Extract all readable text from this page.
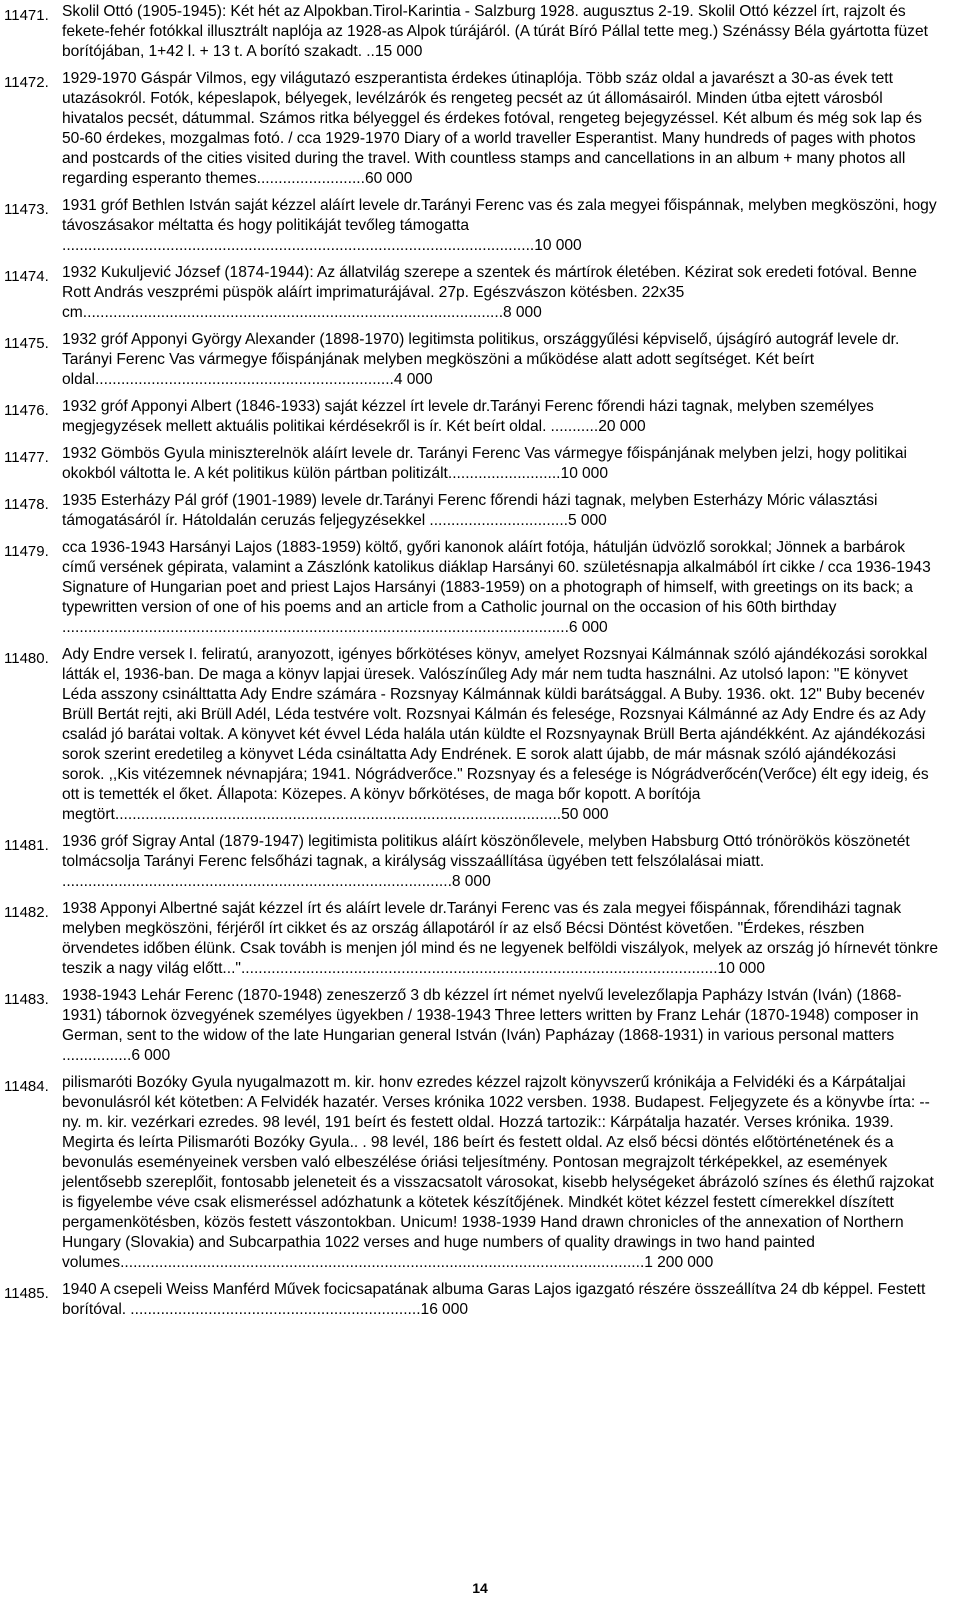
11471. Skolil Ottó (1905-1945): Két hét az Alpokban.Tirol-Karintia - Salzburg 1928. augusztus 2-19. Skolil Ottó kézzel írt, rajzolt és fekete-fehér fotókkal illusztrált naplója az 1928-as Alpok túrájáról. (A túrát Bíró Pállal tette meg.) Szénássy Béla gyártotta füzet borítójában, 1+42 l. + 13 t. A borító szakadt. ..15 000
11472. 1929-1970 Gáspár Vilmos, egy világutazó eszperantista érdekes útinaplója. Több száz oldal a javarészt a 30-as évek tett utazásokról. Fotók, képeslapok, bélyegek, levélzárók és rengeteg pecsét az út állomásairól. Minden útba ejtett városból hivatalos pecsét, dátummal. Számos ritka bélyeggel és érdekes fotóval, rengeteg bejegyzéssel. Két album és még sok lap és 50-60 érdekes, mozgalmas fotó. / cca 1929-1970 Diary of a world traveller Esperantist. Many hundreds of pages with photos and postcards of the cities visited during the travel. With countless stamps and cancellations in an album + many photos all regarding esperanto themes.........................60 000
11473. 1931 gróf Bethlen István saját kézzel aláírt levele dr.Tarányi Ferenc vas és zala megyei főispánnak, melyben megköszöni, hogy távoszásakor méltatta és hogy politikáját tevőleg támogatta .............................................................................................................10 000
11474. 1932 Kukuljević József (1874-1944): Az állatvilág szerepe a szentek és mártírok életében. Kézirat sok eredeti fotóval. Benne Rott András veszprémi püspök aláírt imprimaturájával. 27p. Egészvászon kötésben. 22x35 cm.................................................................................................8 000
11475. 1932 gróf Apponyi György Alexander (1898-1970) legitimsta politikus, országgyűlési képviselő, újságíró autográf levele dr. Tarányi Ferenc Vas vármegye főispánjának melyben megköszöni a működése alatt adott segítséget. Két beírt oldal.....................................................................4 000
11476. 1932 gróf Apponyi Albert (1846-1933) saját kézzel írt levele dr.Tarányi Ferenc főrendi házi tagnak, melyben személyes megjegyzések mellett aktuális politikai kérdésekről is ír. Két beírt oldal. ...........20 000
11477. 1932 Gömbös Gyula miniszterelnök aláírt levele dr. Tarányi Ferenc Vas vármegye főispánjának melyben jelzi, hogy politikai okokból váltotta le. A két politikus külön pártban politizált..........................10 000
11478. 1935 Esterházy Pál gróf (1901-1989) levele dr.Tarányi Ferenc főrendi házi tagnak, melyben Esterházy Móric választási támogatásáról ír. Hátoldalán ceruzás feljegyzésekkel ................................5 000
11479. cca 1936-1943 Harsányi Lajos (1883-1959) költő, győri kanonok aláírt fotója, hátulján üdvözlő sorokkal; Jönnek a barbárok című versének gépirata, valamint a Zászlónk katolikus diáklap Harsányi 60. születésnapja alkalmából írt cikke / cca 1936-1943 Signature of Hungarian poet and priest Lajos Harsányi (1883-1959) on a photograph of himself, with greetings on its back; a typewritten version of one of his poems and an article from a Catholic journal on the occasion of his 60th birthday .....................................................................................................................6 000
11480. Ady Endre versek I. feliratú, aranyozott, igényes bőrkötéses könyv, amelyet Rozsnyai Kálmánnak szóló ajándékozási sorokkal látták el, 1936-ban. De maga a könyv lapjai üresek. Valószínűleg Ady már nem tudta használni. Az utolsó lapon: "E könyvet Léda asszony csinálttatta Ady Endre számára - Rozsnyay Kálmánnak küldi barátsággal. A Buby. 1936. okt. 12" Buby becenév Brüll Bertát rejti, aki Brüll Adél, Léda testvére volt. Rozsnyai Kálmán és felesége, Rozsnyai Kálmánné az Ady Endre és az Ady család jó barátai voltak. A könyvet két évvel Léda halála után küldte el Rozsnyaynak Brüll Berta ajándékként. Az ajándékozási sorok szerint eredetileg a könyvet Léda csináltatta Ady Endrének. E sorok alatt újabb, de már másnak szóló ajándékozási sorok. ,,Kis vitézemnek névnapjára; 1941. Nógrádverőce." Rozsnyay és a felesége is Nógrádverőcén(Verőce) élt egy ideig, és ott is temették el őket. Állapota: Közepes. A könyv bőrkötéses, de maga bőr kopott. A borítója megtört.......................................................................................................50 000
11481. 1936 gróf Sigray Antal (1879-1947) legitimista politikus aláírt köszönőlevele, melyben Habsburg Ottó trónörökös köszönetét tolmácsolja Tarányi Ferenc felsőházi tagnak, a királyság visszaállítása ügyében tett felszólalásai miatt. ..........................................................................................8 000
11482. 1938 Apponyi Albertné saját kézzel írt és aláírt levele dr.Tarányi Ferenc vas és zala megyei főispánnak, főrendiházi tagnak melyben megköszöni, férjéről írt cikket és az ország állapotáról ír az első Bécsi Döntést követően. "Érdekes, részben örvendetes időben élünk. Csak továbh is menjen jól mind és ne legyenek belföldi viszályok, melyek az ország jó hírnevét tönkre teszik a nagy világ előtt..."..............................................................................................................10 000
11483. 1938-1943 Lehár Ferenc (1870-1948) zeneszerző 3 db kézzel írt német nyelvű levelezőlapja Papházy István (Iván) (1868-1931) tábornok özvegyének személyes ügyekben / 1938-1943 Three letters written by Franz Lehár (1870-1948) composer in German, sent to the widow of the late Hungarian general István (Iván) Papházay (1868-1931) in various personal matters ................6 000
11484. pilismaróti Bozóky Gyula nyugalmazott m. kir. honv ezredes kézzel rajzolt könyvszerű krónikája a Felvidéki és a Kárpátaljai bevonulásról két kötetben: A Felvidék hazatér. Verses krónika 1022 versben. 1938. Budapest. Feljegyzete és a könyvbe írta: -- ny. m. kir. vezérkari ezredes. 98 levél, 191 beírt és festett oldal. Hozzá tartozik:: Kárpátalja hazatér. Verses krónika. 1939. Megirta és leírta Pilismaróti Bozóky Gyula.. . 98 levél, 186 beírt és festett oldal. Az első bécsi döntés előtörténetének és a bevonulás eseményeinek versben való elbeszélése óriási teljesítmény. Pontosan megrajzolt térképekkel, az események jelentősebb szereplőit, fontosabb jeleneteit és a visszacsatolt városokat, kisebb helységeket ábrázoló színes és élethű rajzokat is figyelembe véve csak elismeréssel adózhatunk a kötetek készítőjének. Mindkét kötet kézzel festett címerekkel díszített pergamenkötésben, közös festett vászontokban. Unicum! 1938-1939 Hand drawn chronicles of the annexation of Northern Hungary (Slovakia) and Subcarpathia 1022 verses and huge numbers of quality drawings in two hand painted volumes.........................................................................................................................1 200 000
11485. 1940 A csepeli Weiss Manférd Művek focicsapatának albuma Garas Lajos igazgató részére összeállítva 24 db képpel. Festett borítóval. ...................................................................16 000
14
